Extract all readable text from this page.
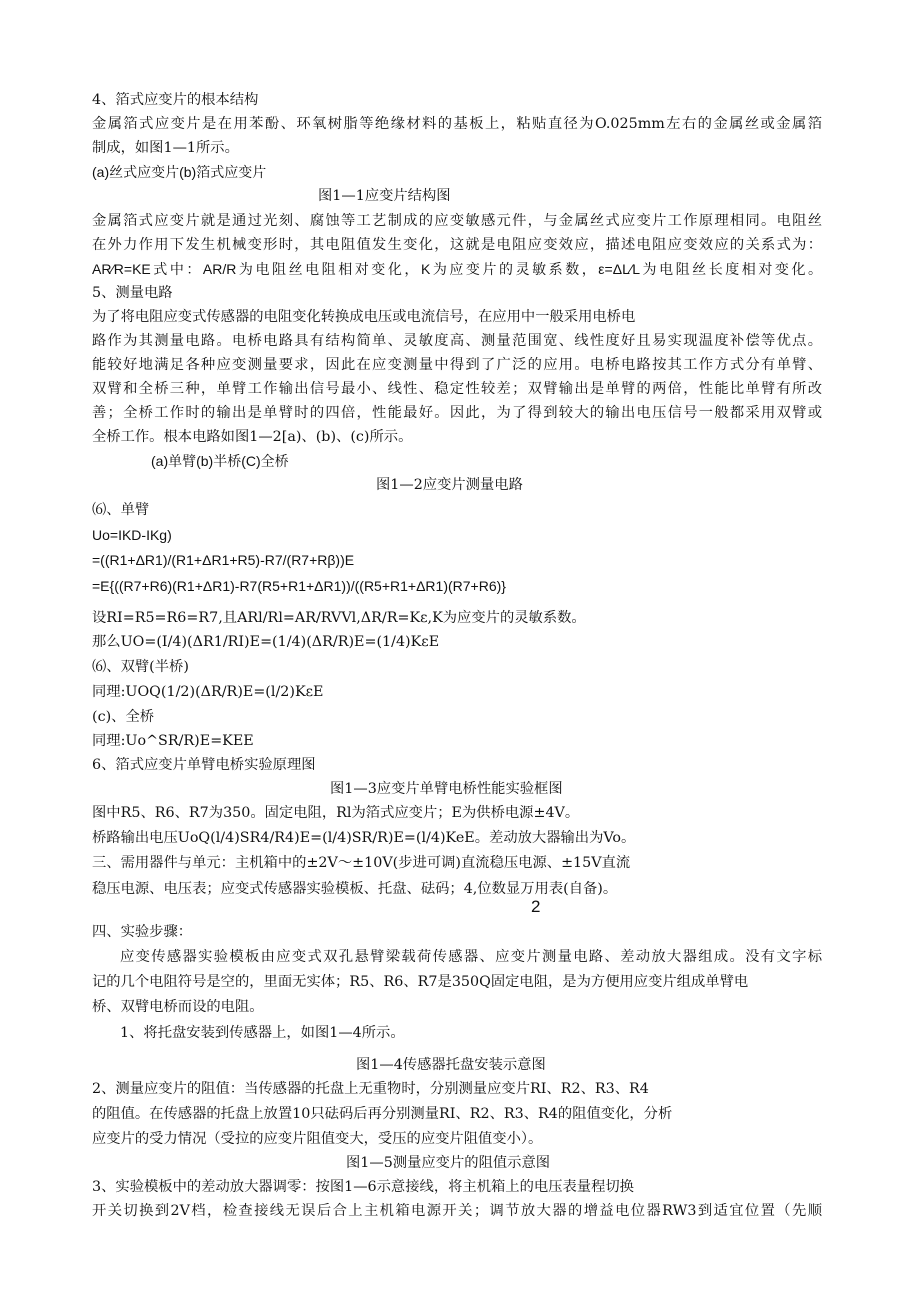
4、箔式应变片的根本结构
金属箔式应变片是在用苯酚、环氧树脂等绝缘材料的基板上，粘贴直径为O.025mm左右的金属丝或金属箔
制成，如图1—1所示。
(a)丝式应变片(b)箔式应变片
图1—1应变片结构图
金属箔式应变片就是通过光刻、腐蚀等工艺制成的应变敏感元件，与金属丝式应变片工作原理相同。电阻丝
在外力作用下发生机械变形时，其电阻值发生变化，这就是电阻应变效应，描述电阻应变效应的关系式为：
AR∕R=KE式中：AR/R为电阻丝电阻相对变化，K为应变片的灵敏系数，ε=ΔL∕L为电阻丝长度相对变化。
5、测量电路
为了将电阻应变式传感器的电阻变化转换成电压或电流信号，在应用中一般采用电桥电
路作为其测量电路。电桥电路具有结构简单、灵敏度高、测量范围宽、线性度好且易实现温度补偿等优点。
能较好地满足各种应变测量要求，因此在应变测量中得到了广泛的应用。电桥电路按其工作方式分有单臂、
双臂和全桥三种，单臂工作输出信号最小、线性、稳定性较差；双臂输出是单臂的两倍，性能比单臂有所改
善；全桥工作时的输出是单臂时的四倍，性能最好。因此，为了得到较大的输出电压信号一般都采用双臂或
全桥工作。根本电路如图1—2[a)、(b)、(c)所示。
(a)单臂(b)半桥(C)全桥
图1—2应变片测量电路
⑹、单臂
Uo=IKD-IKg)
=((R1+ΔR1)/(R1+ΔR1+R5)-R7/(R7+Rβ))E
=E{((R7+R6)(R1+ΔR1)-R7(R5+R1+ΔR1))/((R5+R1+ΔR1)(R7+R6)}
设RI=R5=R6=R7,且ARl/Rl=AR/RVVl,ΔR∕R=Kε,K为应变片的灵敏系数。
那么UO=(I/4)(ΔR1/RI)E=(1/4)(ΔR/R)E=(1/4)KεE
⑹、双臂(半桥)
同理:UOQ(1/2)(ΔR∕R)E=(l∕2)KεE
(c)、全桥
同理:Uo^SR/R)E=KEE
6、箔式应变片单臂电桥实验原理图
图1—3应变片单臂电桥性能实验框图
图中R5、R6、R7为350。固定电阻，Rl为箔式应变片；E为供桥电源±4V。
桥路输出电压UoQ(l∕4)SR4∕R4)E=(l∕4)SR∕R)E=(l∕4)KeE。差动放大器输出为Vo。
三、需用器件与单元：主机箱中的±2V〜±10V(步进可调)直流稳压电源、±15V直流
稳压电源、电压表；应变式传感器实验模板、托盘、砝码；4,位数显万用表(自备)。
2
四、实验步骤：
应变传感器实验模板由应变式双孔悬臂梁载荷传感器、应变片测量电路、差动放大器组成。没有文字标
记的几个电阻符号是空的，里面无实体；R5、R6、R7是350Q固定电阻，是为方便用应变片组成单臂电
桥、双臂电桥而设的电阻。
1、将托盘安装到传感器上，如图1—4所示。
图1—4传感器托盘安装示意图
2、测量应变片的阻值：当传感器的托盘上无重物时，分别测量应变片RI、R2、R3、R4
的阻值。在传感器的托盘上放置10只砝码后再分别测量RI、R2、R3、R4的阻值变化，分析
应变片的受力情况（受拉的应变片阻值变大，受压的应变片阻值变小）。
图1—5测量应变片的阻值示意图
3、实验模板中的差动放大器调零：按图1—6示意接线，将主机箱上的电压表量程切换
开关切换到2V档，检查接线无误后合上主机箱电源开关；调节放大器的增益电位器RW3到适宜位置（先顺
